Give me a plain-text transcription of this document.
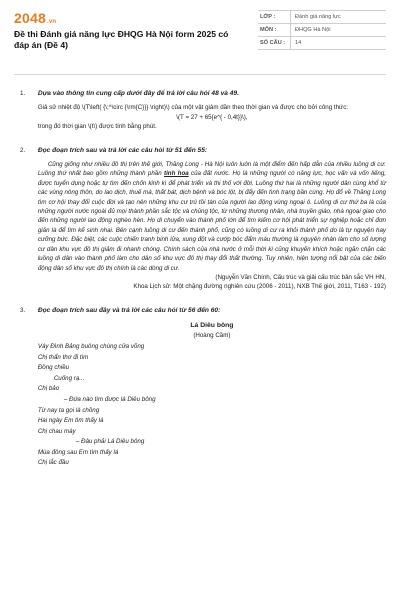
2048.vn
Đề thi Đánh giá năng lực ĐHQG Hà Nội form 2025 có đáp án (Đề 4)
LỚP :	Đánh giá năng lực
MÔN :	ĐHQG Hà Nội
SỐ CÂU :	14
1.	Dựa vào thông tin cung cấp dưới đây để trả lời câu hỏi 48 và 49.
Giả sử nhiệt độ \(T\left( {\;^\circ {\rm{C}}} \right)\) của một vật giảm dần theo thời gian và được cho bởi công thức:
\(T = 27 + 65{e^{ - 0,4t}}\),
trong đó thời gian \(t\) được tính bằng phút.
2.	Đọc đoạn trích sau và trả lời các câu hỏi từ 51 đến 55:
Cũng giống như nhiều đô thị trên thế giới, Thăng Long - Hà Nội luôn luôn là một điểm đến hấp dẫn của nhiều luồng di cư. Luồng thứ nhất bao gồm những thành phần tinh hoa của đất nước. Họ là những người có năng lực, học vấn và vốn liếng, được tuyển dụng hoặc tự tìm đến chốn kinh kì để phát triển và thi thố với đời. Luồng thứ hai là những người dân cùng khổ từ các vùng nông thôn, do lao dịch, thuế má, thất bát, dịch bệnh và bóc lột, bị đẩy đến tình trạng bần cùng. Họ đổ về Thăng Long tìm cơ hội thay đổi cuộc đời và tạo nên những khu cư trú tồi tàn của người lao động vùng ngoại ô. Luồng di cư thứ ba là của những người nước ngoài đủ mọi thành phần sắc tộc và chủng tộc, từ những thương nhân, nhà truyền giáo, nhà ngoại giao cho đến những người lao động nghèo hèn. Họ di chuyển vào thành phố lớn để tìm kiếm cơ hội phát triển sự nghiệp hoặc chỉ đơn giản là để tìm kế sinh nhai. Bên cạnh luồng di cư đến thành phố, cũng có luồng di cư ra khỏi thành phố do là tự nguyện hay cưỡng bức. Đặc biệt, các cuộc chiến tranh binh lửa, xung đột và cướp bóc đẩm máu thường là nguyên nhân làm cho số lượng cư dân khu vực đô thị giảm đi nhanh chóng. Chính sách của nhà nước ở mỗi thời kì cũng khuyến khích hoặc ngăn chặn các luồng di dân vào thành phố làm cho dân số khu vực đô thị thay đổi thất thường. Tuy nhiên, hiện tượng nổi bật của các biến động dân số khu vực đô thị chính là các dòng di cư.
(Nguyễn Văn Chính, Cấu trúc và giải cấu trúc bản sắc VH HN,
Khoa Lịch sử: Một chặng đường nghiên cứu (2006 - 2011), NXB Thế giới, 2011, T163 - 192)
3.	Đọc đoạn trích sau đây và trả lời các câu hỏi từ 56 đến 60:
Lá Diêu bông
(Hoàng Cầm)
Váy Đình Bảng buông chùng cửa võng
Chị thẩn thơ đi tìm
Đồng chiều
Cuống rạ...
Chị bảo
– Đứa nào tìm được lá Diêu bông
Từ nay ta gọi là chồng
Hai ngày Em tìm thấy lá
Chị chau mày
– Đâu phải Lá Diêu bông
Mùa đông sau Em tìm thấy lá
Chị lắc đầu
